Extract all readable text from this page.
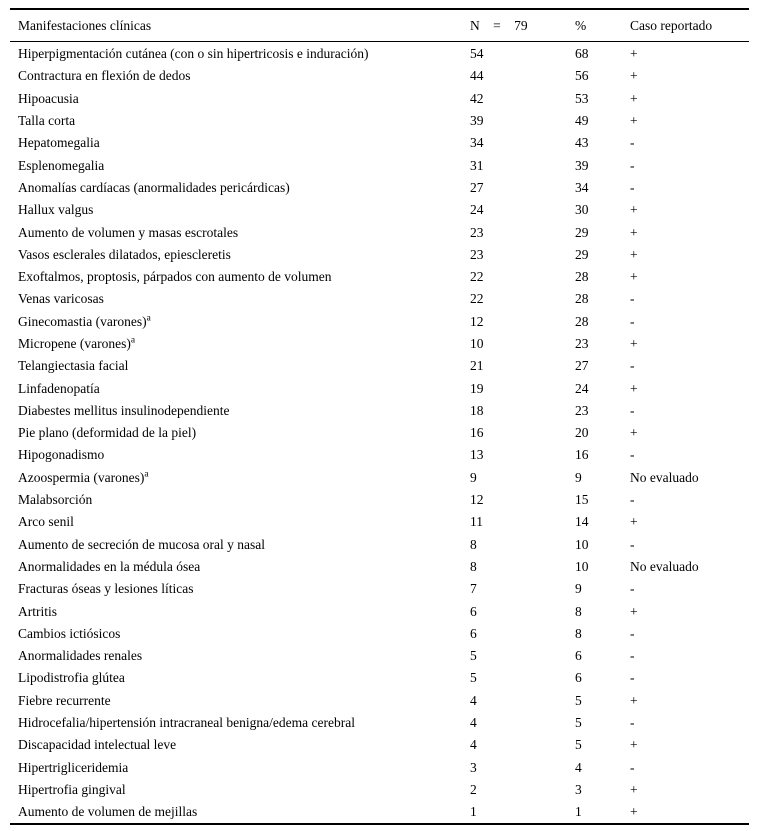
Manifestaciones clínicas	N = 79	%	Caso reportado
Hiperpigmentación cutánea (con o sin hipertricosis e induración)	54	68	+
Contractura en flexión de dedos	44	56	+
Hipoacusia	42	53	+
Talla corta	39	49	+
Hepatomegalia	34	43	-
Esplenomegalia	31	39	-
Anomalías cardíacas (anormalidades pericárdicas)	27	34	-
Hallux valgus	24	30	+
Aumento de volumen y masas escrotales	23	29	+
Vasos esclerales dilatados, epiescleretis	23	29	+
Exoftalmos, proptosis, párpados con aumento de volumen	22	28	+
Venas varicosas	22	28	-
Ginecomastia (varones)$^a$	12	28	-
Micropene (varones)$^a$	10	23	+
Telangiectasia facial	21	27	-
Linfadenopatía	19	24	+
Diabestes mellitus insulinodependiente	18	23	-
Pie plano (deformidad de la piel)	16	20	+
Hipogonadismo	13	16	-
Azoospermia (varones)$^a$	9	9	No evaluado
Malabsorción	12	15	-
Arco senil	11	14	+
Aumento de secreción de mucosa oral y nasal	8	10	-
Anormalidades en la médula ósea	8	10	No evaluado
Fracturas óseas y lesiones líticas	7	9	-
Artritis	6	8	+
Cambios ictiósicos	6	8	-
Anormalidades renales	5	6	-
Lipodistrofia glútea	5	6	-
Fiebre recurrente	4	5	+
Hidrocefalia/hipertensión intracraneal benigna/edema cerebral	4	5	-
Discapacidad intelectual leve	4	5	+
Hipertrigliceridemia	3	4	-
Hipertrofia gingival	2	3	+
Aumento de volumen de mejillas	1	1	+
